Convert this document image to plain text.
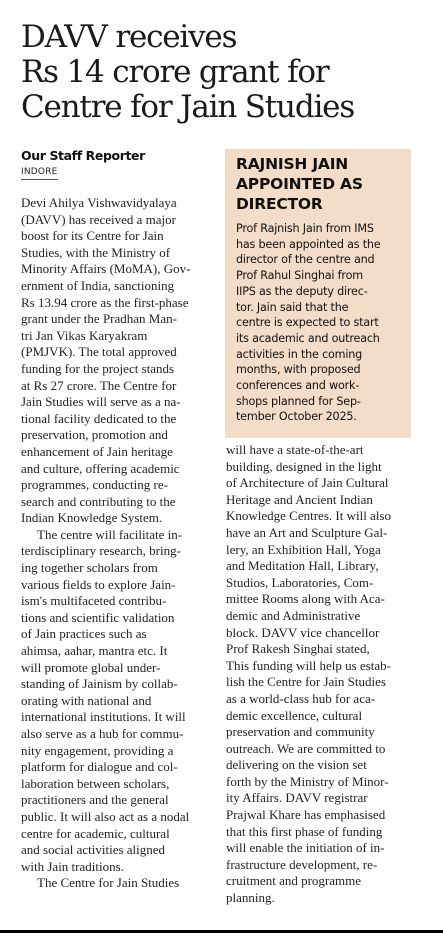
DAVV receives
Rs 14 crore grant for
Centre for Jain Studies
Our Staff Reporter
INDORE	RAJNISH JAIN
APPOINTED AS
DIRECTOR
Prof Rajnish Jain from IMS
has been appointed as the
director of the centre and
Prof Rahul Singhai from
IIPS as the deputy direc-
tor. Jain said that the
centre is expected to start
its academic and outreach
activities in the coming
months, with proposed
conferences and work-
shops planned for Sep-
tember October 2025.
Devi Ahilya Vishwavidyalaya
(DAVV) has received a major
boost for its Centre for Jain
Studies, with the Ministry of
Minority Affairs (MoMA), Gov-
ernment of India, sanctioning
Rs 13.94 crore as the first-phase
grant under the Pradhan Man-
tri Jan Vikas Karyakram
(PMJVK). The total approved
funding for the project stands
at Rs 27 crore. The Centre for
Jain Studies will serve as a na-
tional facility dedicated to the
preservation, promotion and
enhancement of Jain heritage
and culture, offering academic
programmes, conducting re-
search and contributing to the
Indian Knowledge System.
The centre will facilitate in-
terdisciplinary research, bring-
ing together scholars from
various fields to explore Jain-
ism's multifaceted contribu-
tions and scientific validation
of Jain practices such as
ahimsa, aahar, mantra etc. It
will promote global under-
standing of Jainism by collab-
orating with national and
international institutions. It will
also serve as a hub for commu-
nity engagement, providing a
platform for dialogue and col-
laboration between scholars,
practitioners and the general
public. It will also act as a nodal
centre for academic, cultural
and social activities aligned
with Jain traditions.
The Centre for Jain Studies
will have a state-of-the-art
building, designed in the light
of Architecture of Jain Cultural
Heritage and Ancient Indian
Knowledge Centres. It will also
have an Art and Sculpture Gal-
lery, an Exhibition Hall, Yoga
and Meditation Hall, Library,
Studios, Laboratories, Com-
mittee Rooms along with Aca-
demic and Administrative
block. DAVV vice chancellor
Prof Rakesh Singhai stated,
This funding will help us estab-
lish the Centre for Jain Studies
as a world-class hub for aca-
demic excellence, cultural
preservation and community
outreach. We are committed to
delivering on the vision set
forth by the Ministry of Minor-
ity Affairs. DAVV registrar
Prajwal Khare has emphasised
that this first phase of funding
will enable the initiation of in-
frastructure development, re-
cruitment and programme
planning.
